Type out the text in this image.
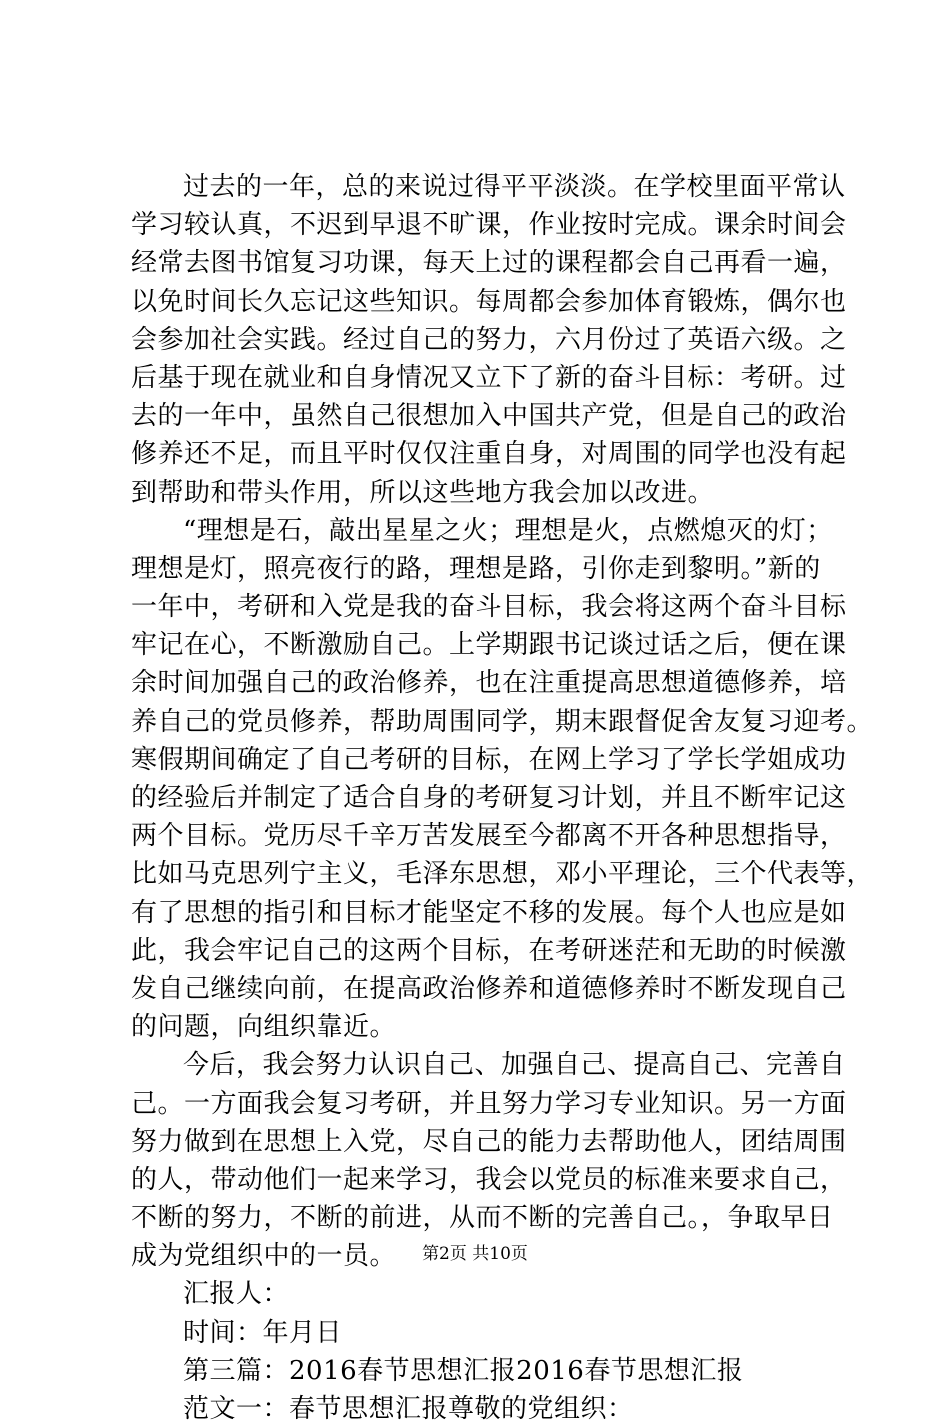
过去的一年，总的来说过得平平淡淡。在学校里面平常认
学习较认真，不迟到早退不旷课，作业按时完成。课余时间会
经常去图书馆复习功课，每天上过的课程都会自己再看一遍，
以免时间长久忘记这些知识。每周都会参加体育锻炼，偶尔也
会参加社会实践。经过自己的努力，六月份过了英语六级。之
后基于现在就业和自身情况又立下了新的奋斗目标：考研。过
去的一年中，虽然自己很想加入中国共产党，但是自己的政治
修养还不足，而且平时仅仅注重自身，对周围的同学也没有起
到帮助和带头作用，所以这些地方我会加以改进。
“理想是石，敲出星星之火；理想是火，点燃熄灭的灯；
理想是灯，照亮夜行的路，理想是路，引你走到黎明。”新的
一年中，考研和入党是我的奋斗目标，我会将这两个奋斗目标
牢记在心，不断激励自己。上学期跟书记谈过话之后，便在课
余时间加强自己的政治修养，也在注重提高思想道德修养，培
养自己的党员修养，帮助周围同学，期末跟督促舍友复习迎考。
寒假期间确定了自己考研的目标，在网上学习了学长学姐成功
的经验后并制定了适合自身的考研复习计划，并且不断牢记这
两个目标。党历尽千辛万苦发展至今都离不开各种思想指导，
比如马克思列宁主义，毛泽东思想，邓小平理论，三个代表等，
有了思想的指引和目标才能坚定不移的发展。每个人也应是如
此，我会牢记自己的这两个目标，在考研迷茫和无助的时候激
发自己继续向前，在提高政治修养和道德修养时不断发现自己
的问题，向组织靠近。
今后，我会努力认识自己、加强自己、提高自己、完善自
己。一方面我会复习考研，并且努力学习专业知识。另一方面
努力做到在思想上入党，尽自己的能力去帮助他人，团结周围
的人，带动他们一起来学习，我会以党员的标准来要求自己，
不断的努力，不断的前进，从而不断的完善自己。，争取早日
成为党组织中的一员。
汇报人：
时间：年月日
第三篇：2016春节思想汇报2016春节思想汇报
范文一：春节思想汇报尊敬的党组织：
第2页 共10页
